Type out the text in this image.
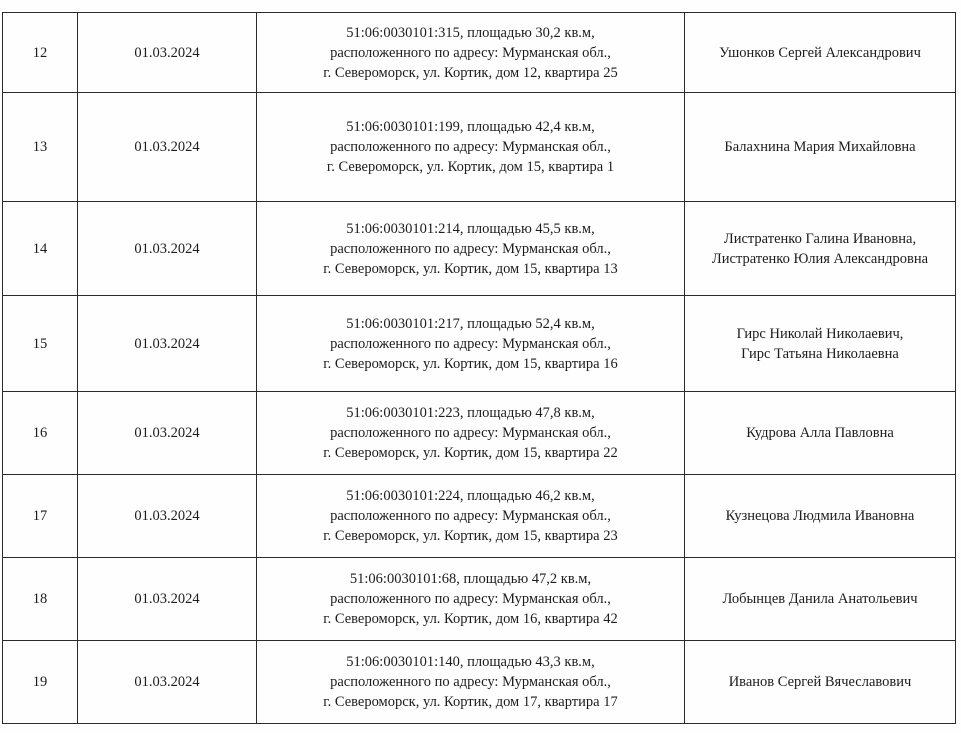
12	01.03.2024	51:06:0030101:315, площадью 30,2 кв.м,
расположенного по адресу: Мурманская обл.,
г. Североморск, ул. Кортик, дом 12, квартира 25	Ушонков Сергей Александрович

13	01.03.2024	51:06:0030101:199, площадью 42,4 кв.м,
расположенного по адресу: Мурманская обл.,
г. Североморск, ул. Кортик, дом 15, квартира 1	Балахнина Мария Михайловна

14	01.03.2024	51:06:0030101:214, площадью 45,5 кв.м,
расположенного по адресу: Мурманская обл.,
г. Североморск, ул. Кортик, дом 15, квартира 13	Листратенко Галина Ивановна,
Листратенко Юлия Александровна

15	01.03.2024	51:06:0030101:217, площадью 52,4 кв.м,
расположенного по адресу: Мурманская обл.,
г. Североморск, ул. Кортик, дом 15, квартира 16	Гирс Николай Николаевич,
Гирс Татьяна Николаевна

16	01.03.2024	51:06:0030101:223, площадью 47,8 кв.м,
расположенного по адресу: Мурманская обл.,
г. Североморск, ул. Кортик, дом 15, квартира 22	Кудрова Алла Павловна

17	01.03.2024	51:06:0030101:224, площадью 46,2 кв.м,
расположенного по адресу: Мурманская обл.,
г. Североморск, ул. Кортик, дом 15, квартира 23	Кузнецова Людмила Ивановна

18	01.03.2024	51:06:0030101:68, площадью 47,2 кв.м,
расположенного по адресу: Мурманская обл.,
г. Североморск, ул. Кортик, дом 16, квартира 42	Лобынцев Данила Анатольевич

19	01.03.2024	51:06:0030101:140, площадью 43,3 кв.м,
расположенного по адресу: Мурманская обл.,
г. Североморск, ул. Кортик, дом 17, квартира 17	Иванов Сергей Вячеславович
